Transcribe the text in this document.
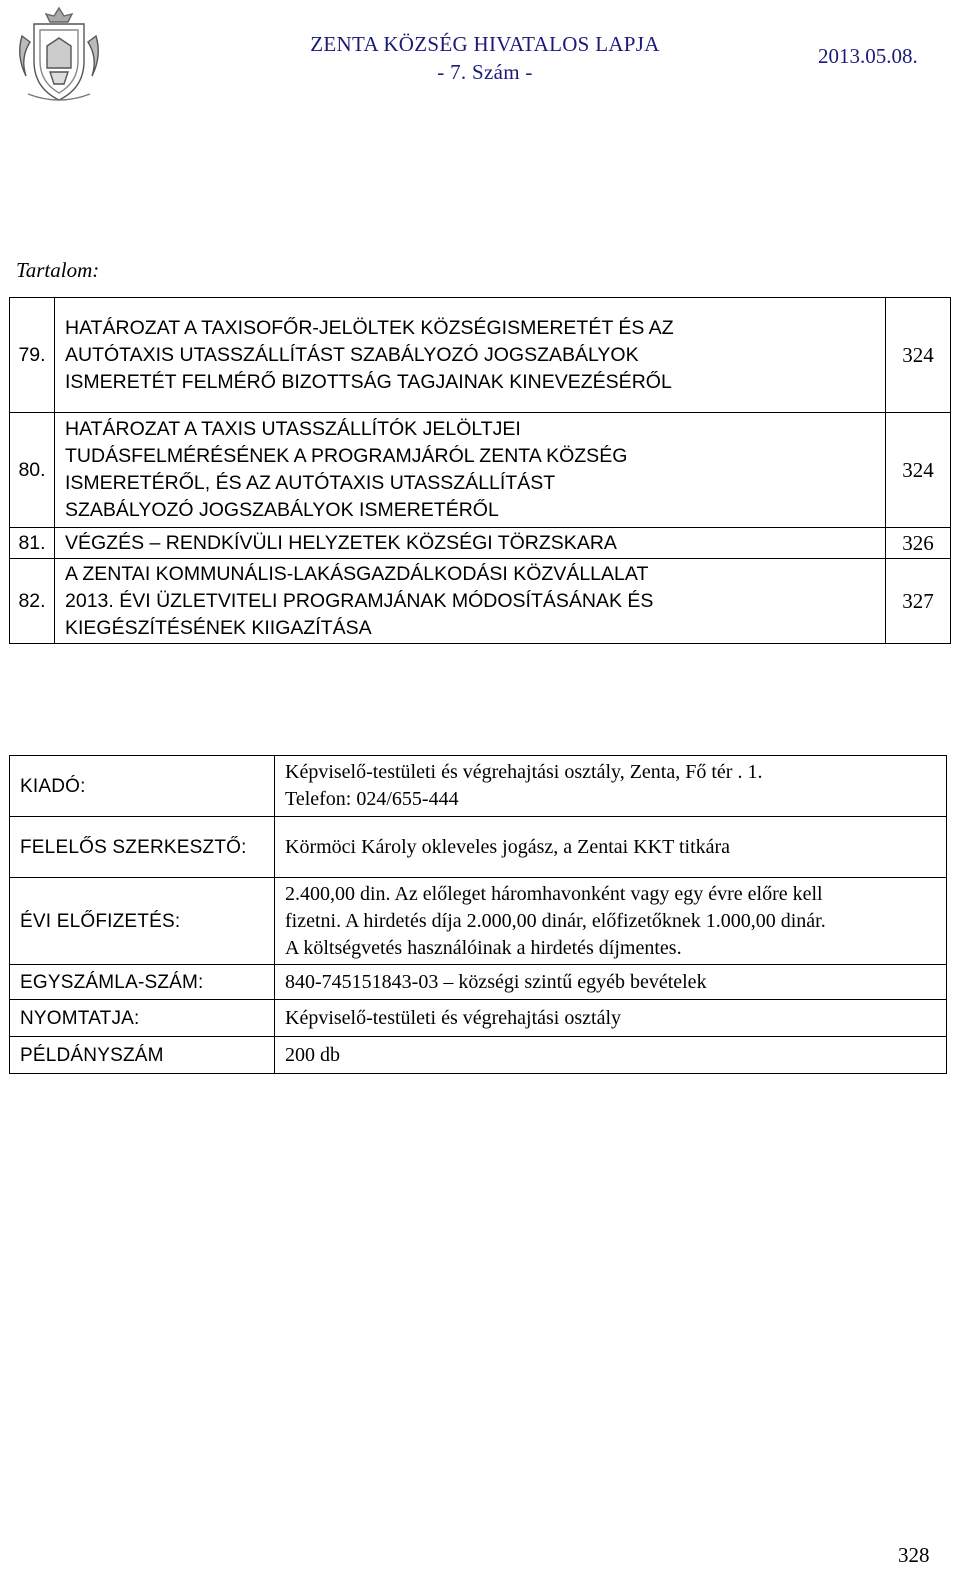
ZENTA KÖZSÉG HIVATALOS LAPJA
- 7. Szám -
2013.05.08.
Tartalom:
79.	HATÁROZAT A TAXISOFŐR-JELÖLTEK KÖZSÉGISMERETÉT ÉS AZ
AUTÓTAXIS UTASSZÁLLÍTÁST SZABÁLYOZÓ JOGSZABÁLYOK
ISMERETÉT FELMÉRŐ BIZOTTSÁG TAGJAINAK KINEVEZÉSÉRŐL	324
80.	HATÁROZAT A TAXIS UTASSZÁLLÍTÓK JELÖLTJEI
TUDÁSFELMÉRÉSÉNEK A PROGRAMJÁRÓL ZENTA KÖZSÉG
ISMERETÉRŐL, ÉS AZ AUTÓTAXIS UTASSZÁLLÍTÁST
SZABÁLYOZÓ JOGSZABÁLYOK ISMERETÉRŐL	324
81.	VÉGZÉS – RENDKÍVÜLI HELYZETEK KÖZSÉGI TÖRZSKARA	326
82.	A ZENTAI KOMMUNÁLIS-LAKÁSGAZDÁLKODÁSI KÖZVÁLLALAT
2013. ÉVI ÜZLETVITELI PROGRAMJÁNAK MÓDOSÍTÁSÁNAK ÉS
KIEGÉSZÍTÉSÉNEK KIIGAZÍTÁSA	327
KIADÓ:	Képviselő-testületi és végrehajtási osztály, Zenta, Fő tér . 1.
Telefon: 024/655-444

FELELŐS SZERKESZTŐ:	Körmöci Károly okleveles jogász, a Zentai KKT titkára

ÉVI ELŐFIZETÉS:	2.400,00 din. Az előleget háromhavonként vagy egy évre előre kell
fizetni. A hirdetés díja 2.000,00 dinár, előfizetőknek 1.000,00 dinár.
A költségvetés használóinak a hirdetés díjmentes.

EGYSZÁMLA-SZÁM:	840-745151843-03 – községi szintű egyéb bevételek

NYOMTATJA:	Képviselő-testületi és végrehajtási osztály

PÉLDÁNYSZÁM	200 db
328
